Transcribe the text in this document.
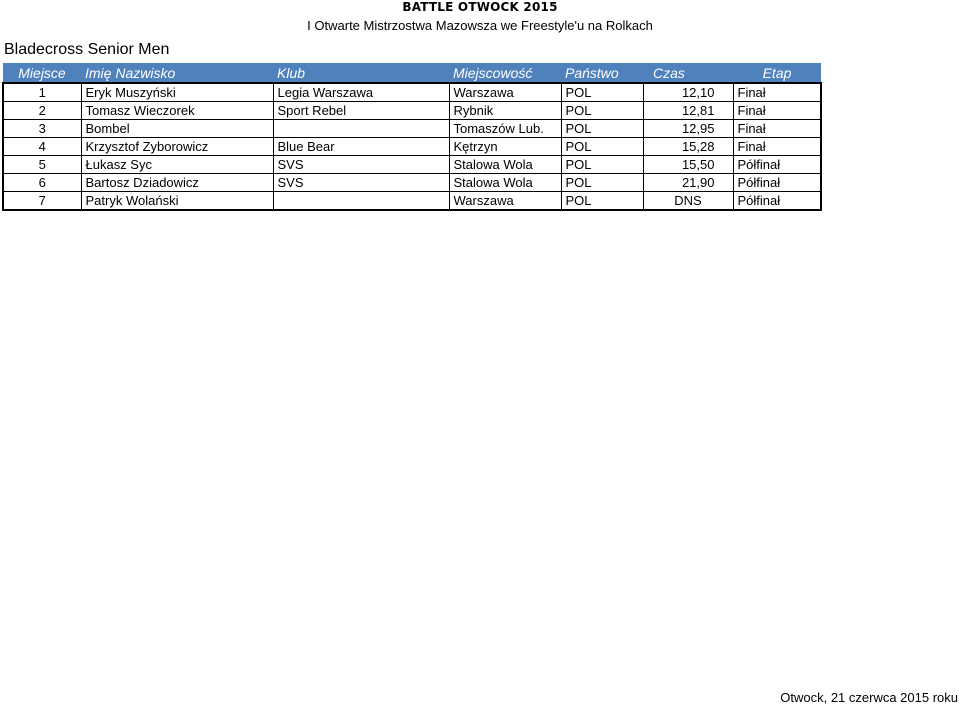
BATTLE OTWOCK 2015
I Otwarte Mistrzostwa Mazowsza we Freestyle'u na Rolkach
Bladecross Senior Men
Miejsce	Imię Nazwisko	Klub	Miejscowość	Państwo	Czas	Etap
1	Eryk Muszyński	Legia Warszawa	Warszawa	POL	12,10	Finał
2	Tomasz Wieczorek	Sport Rebel	Rybnik	POL	12,81	Finał
3	Bombel		Tomaszów Lub.	POL	12,95	Finał
4	Krzysztof Zyborowicz	Blue Bear	Kętrzyn	POL	15,28	Finał
5	Łukasz Syc	SVS	Stalowa Wola	POL	15,50	Półfinał
6	Bartosz Dziadowicz	SVS	Stalowa Wola	POL	21,90	Półfinał
7	Patryk Wolański		Warszawa	POL	DNS	Półfinał
Otwock, 21 czerwca 2015 roku
